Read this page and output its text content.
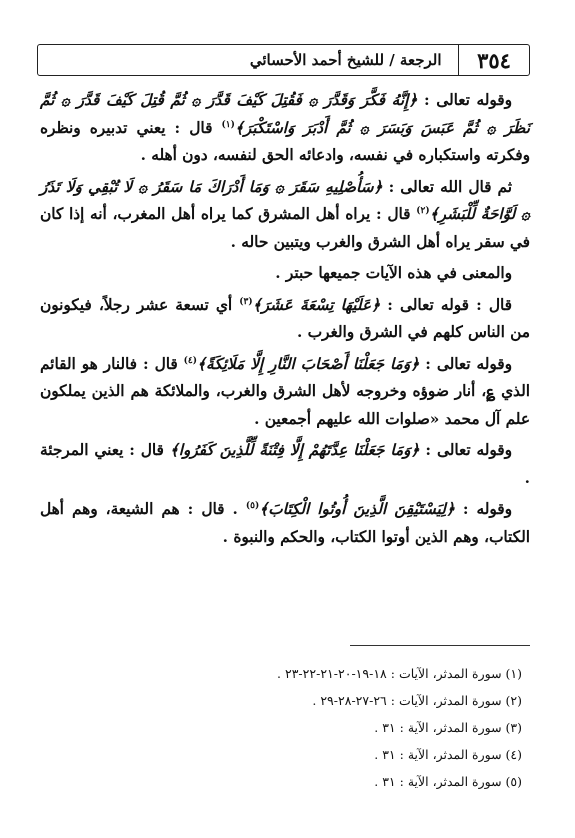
٣٥٤
الرجعة / للشيخ أحمد الأحسائي

وقوله تعالى : ﴿إِنَّهُ فَكَّرَ وَقَدَّرَ ۞ فَقُتِلَ كَيْفَ قَدَّرَ ۞ ثُمَّ قُتِلَ كَيْفَ قَدَّرَ ۞ ثُمَّ نَظَرَ ۞ ثُمَّ عَبَسَ وَبَسَرَ ۞ ثُمَّ أَدْبَرَ وَاسْتَكْبَرَ﴾$^{(١)}$ قال : يعني تدبيره ونظره وفكرته واستكباره في نفسه، وادعائه الحق لنفسه، دون أهله .

ثم قال الله تعالى : ﴿سَأُصْلِيهِ سَقَرَ ۞ وَمَا أَدْرَاكَ مَا سَقَرُ ۞ لَا تُبْقِي وَلَا تَذَرُ ۞ لَوَّاحَةٌ لِّلْبَشَرِ﴾$^{(٢)}$ قال : يراه أهل المشرق كما يراه أهل المغرب، أنه إذا كان في سقر يراه أهل الشرق والغرب ويتبين حاله .

والمعنى في هذه الآيات جميعها حبتر .

قال : قوله تعالى : ﴿عَلَيْهَا تِسْعَةَ عَشَرَ﴾$^{(٣)}$ أي تسعة عشر رجلاً، فيكونون من الناس كلهم في الشرق والغرب .

وقوله تعالى : ﴿وَمَا جَعَلْنَا أَصْحَابَ النَّارِ إِلَّا مَلَائِكَةً﴾$^{(٤)}$ قال : فالنار هو القائم الذي ؏، أنار ضوؤه وخروجه لأهل الشرق والغرب، والملائكة هم الذين يملكون علم آل محمد «صلوات الله عليهم أجمعين .

وقوله تعالى : ﴿وَمَا جَعَلْنَا عِدَّتَهُمْ إِلَّا فِتْنَةً لِّلَّذِينَ كَفَرُوا﴾ قال : يعني المرجئة .

وقوله : ﴿لِيَسْتَيْقِنَ الَّذِينَ أُوتُوا الْكِتَابَ﴾$^{(٥)}$ . قال : هم الشيعة، وهم أهل الكتاب، وهم الذين أوتوا الكتاب، والحكم والنبوة .

(١) سورة المدثر، الآيات : ١٨-١٩-٢٠-٢١-٢٢-٢٣ .
(٢) سورة المدثر، الآيات : ٢٦-٢٧-٢٨-٢٩ .
(٣) سورة المدثر، الآية : ٣١ .
(٤) سورة المدثر، الآية : ٣١ .
(٥) سورة المدثر، الآية : ٣١ .
